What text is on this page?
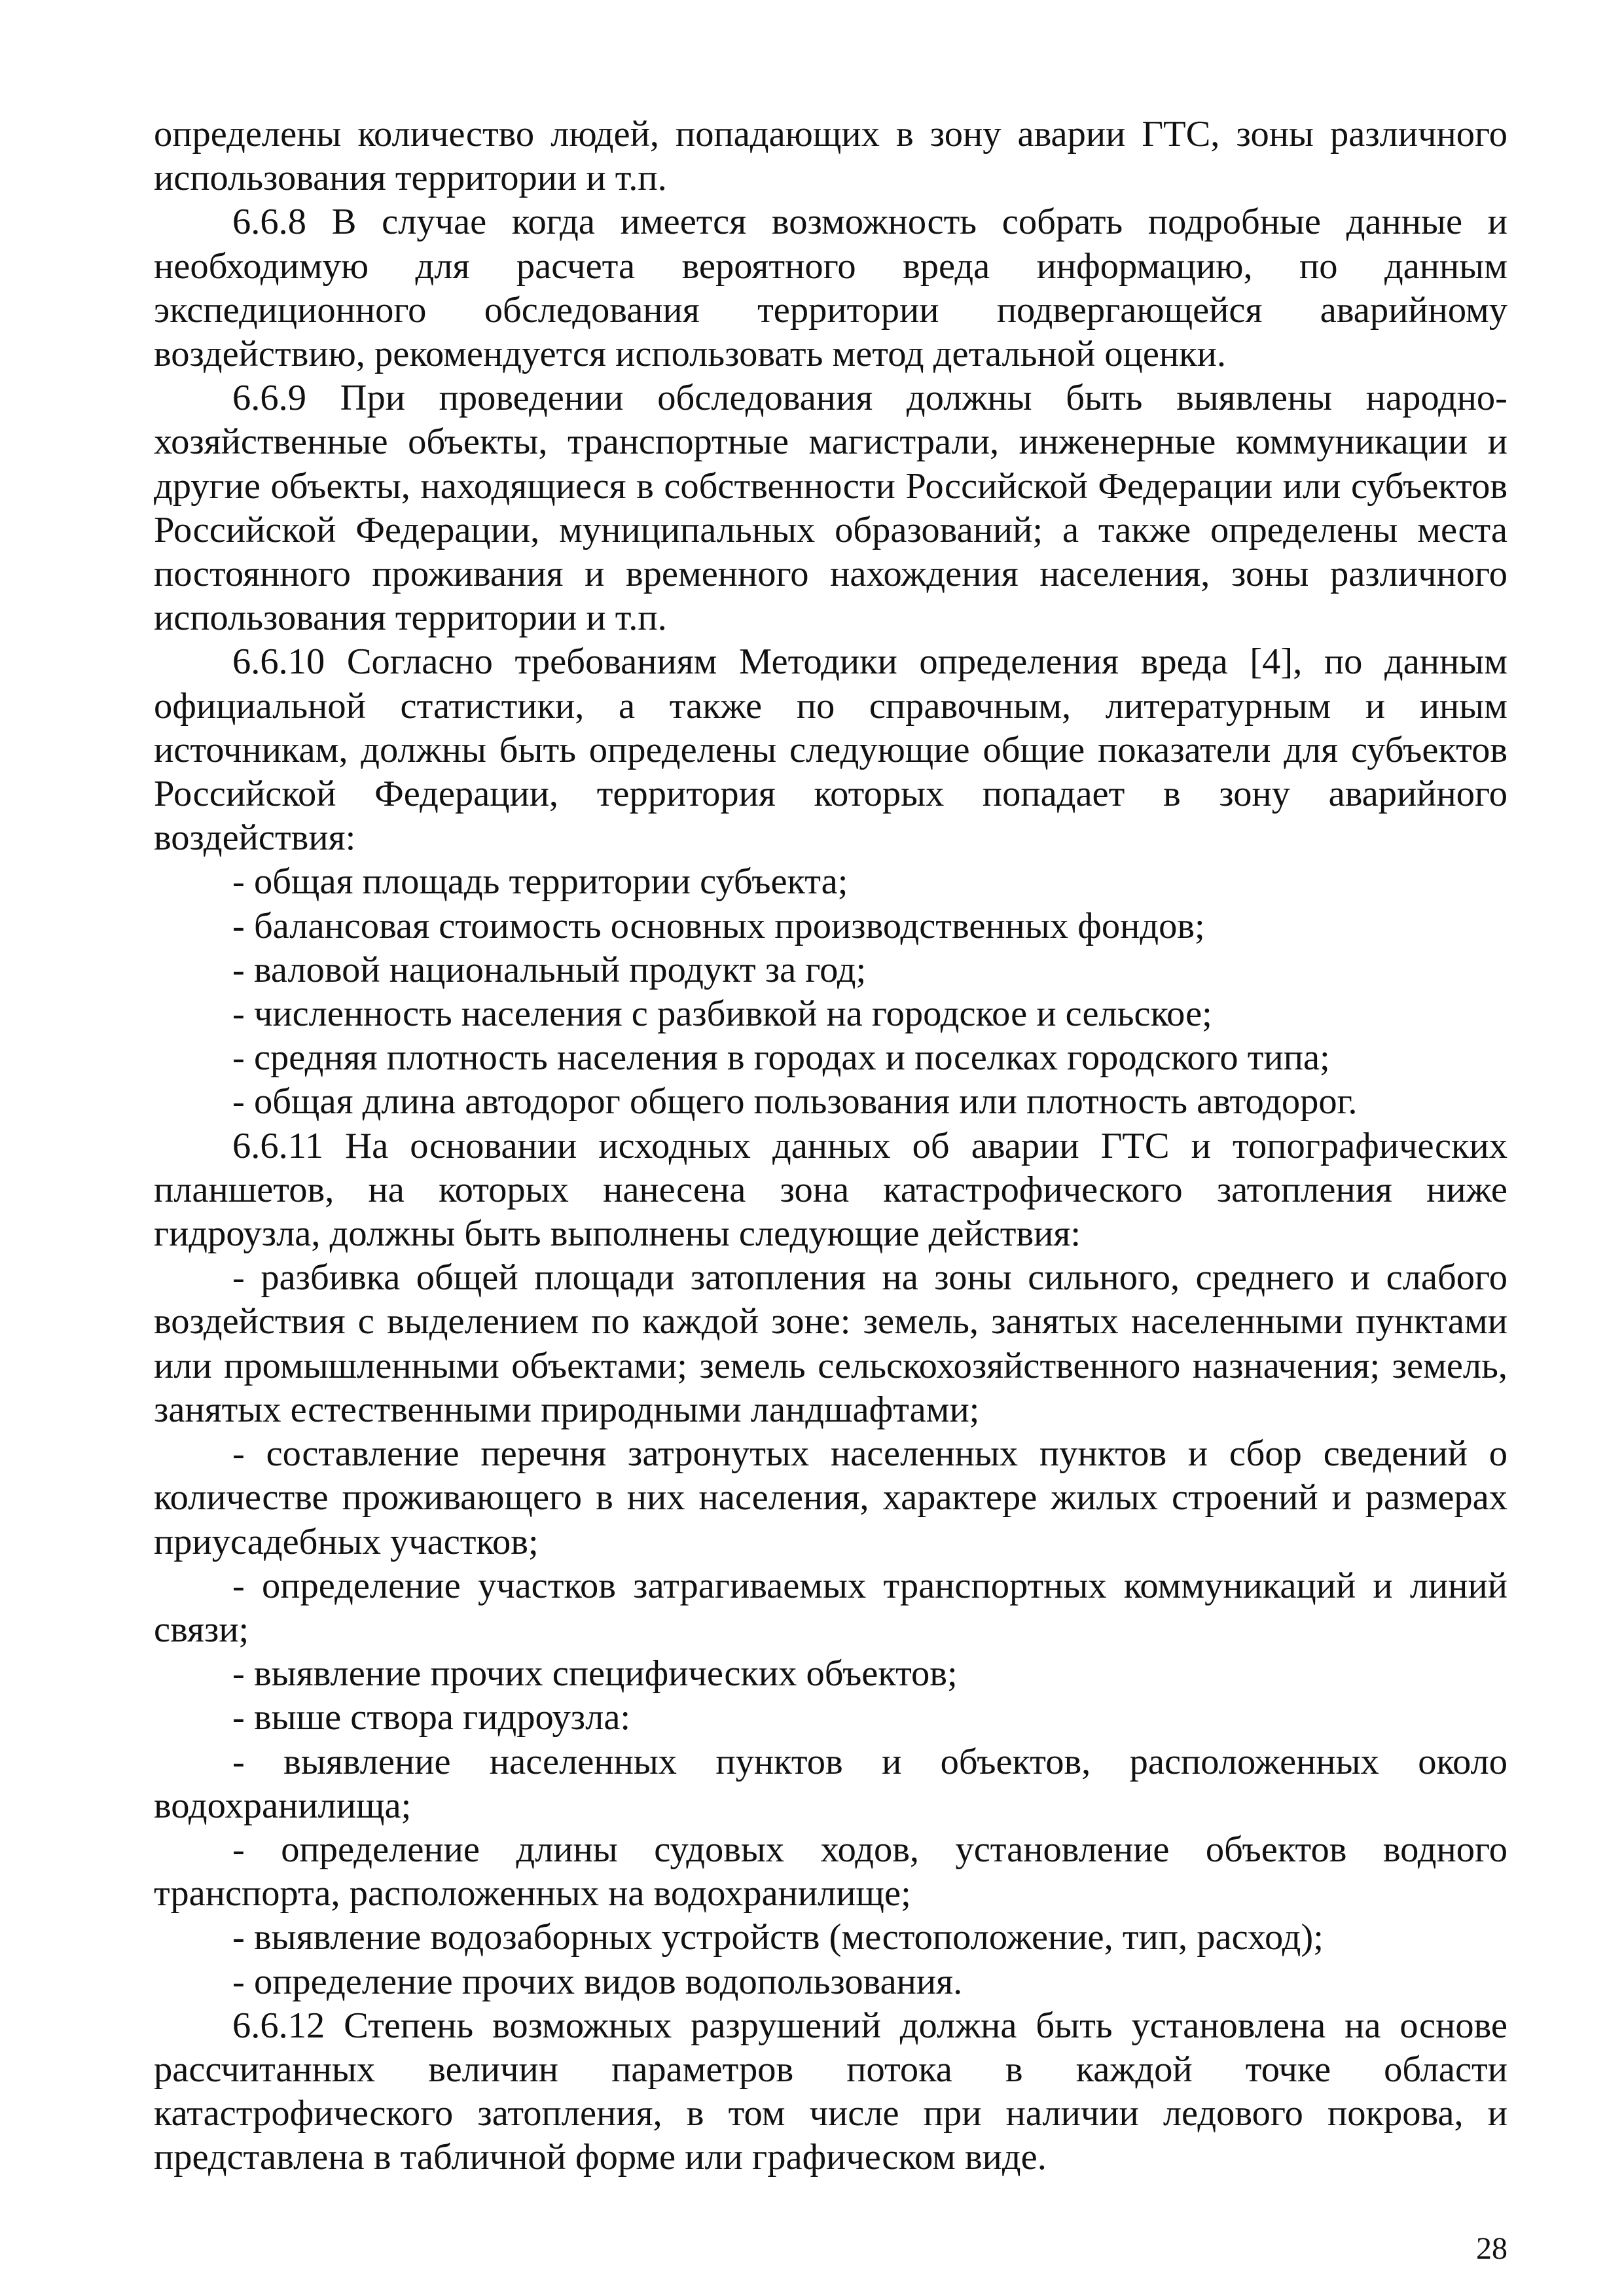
определены количество людей, попадающих в зону аварии ГТС, зоны различного использования территории и т.п.

6.6.8 В случае когда имеется возможность собрать подробные данные и необходимую для расчета вероятного вреда информацию, по данным экспедиционного обследования территории подвергающейся аварийному воздействию, рекомендуется использовать метод детальной оценки.

6.6.9 При проведении обследования должны быть выявлены народно-хозяйственные объекты, транспортные магистрали, инженерные коммуникации и другие объекты, находящиеся в собственности Российской Федерации или субъектов Российской Федерации, муниципальных образований; а также определены места постоянного проживания и временного нахождения населения, зоны различного использования территории и т.п.

6.6.10 Согласно требованиям Методики определения вреда [4], по данным официальной статистики, а также по справочным, литературным и иным источникам, должны быть определены следующие общие показатели для субъектов Российской Федерации, территория которых попадает в зону аварийного воздействия:

- общая площадь территории субъекта;

- балансовая стоимость основных производственных фондов;

- валовой национальный продукт за год;

- численность населения с разбивкой на городское и сельское;

- средняя плотность населения в городах и поселках городского типа;

- общая длина автодорог общего пользования или плотность автодорог.

6.6.11 На основании исходных данных об аварии ГТС и топографических планшетов, на которых нанесена зона катастрофического затопления ниже гидроузла, должны быть выполнены следующие действия:

- разбивка общей площади затопления на зоны сильного, среднего и слабого воздействия с выделением по каждой зоне: земель, занятых населенными пунктами или промышленными объектами; земель сельскохозяйственного назначения; земель, занятых естественными природными ландшафтами;

- составление перечня затронутых населенных пунктов и сбор сведений о количестве проживающего в них населения, характере жилых строений и размерах приусадебных участков;

- определение участков затрагиваемых транспортных коммуникаций и линий связи;

- выявление прочих специфических объектов;

- выше створа гидроузла:

- выявление населенных пунктов и объектов, расположенных около водохранилища;

- определение длины судовых ходов, установление объектов водного транспорта, расположенных на водохранилище;

- выявление водозаборных устройств (местоположение, тип, расход);

- определение прочих видов водопользования.

6.6.12 Степень возможных разрушений должна быть установлена на основе рассчитанных величин параметров потока в каждой точке области катастрофического затопления, в том числе при наличии ледового покрова, и представлена в табличной форме или графическом виде.

28
